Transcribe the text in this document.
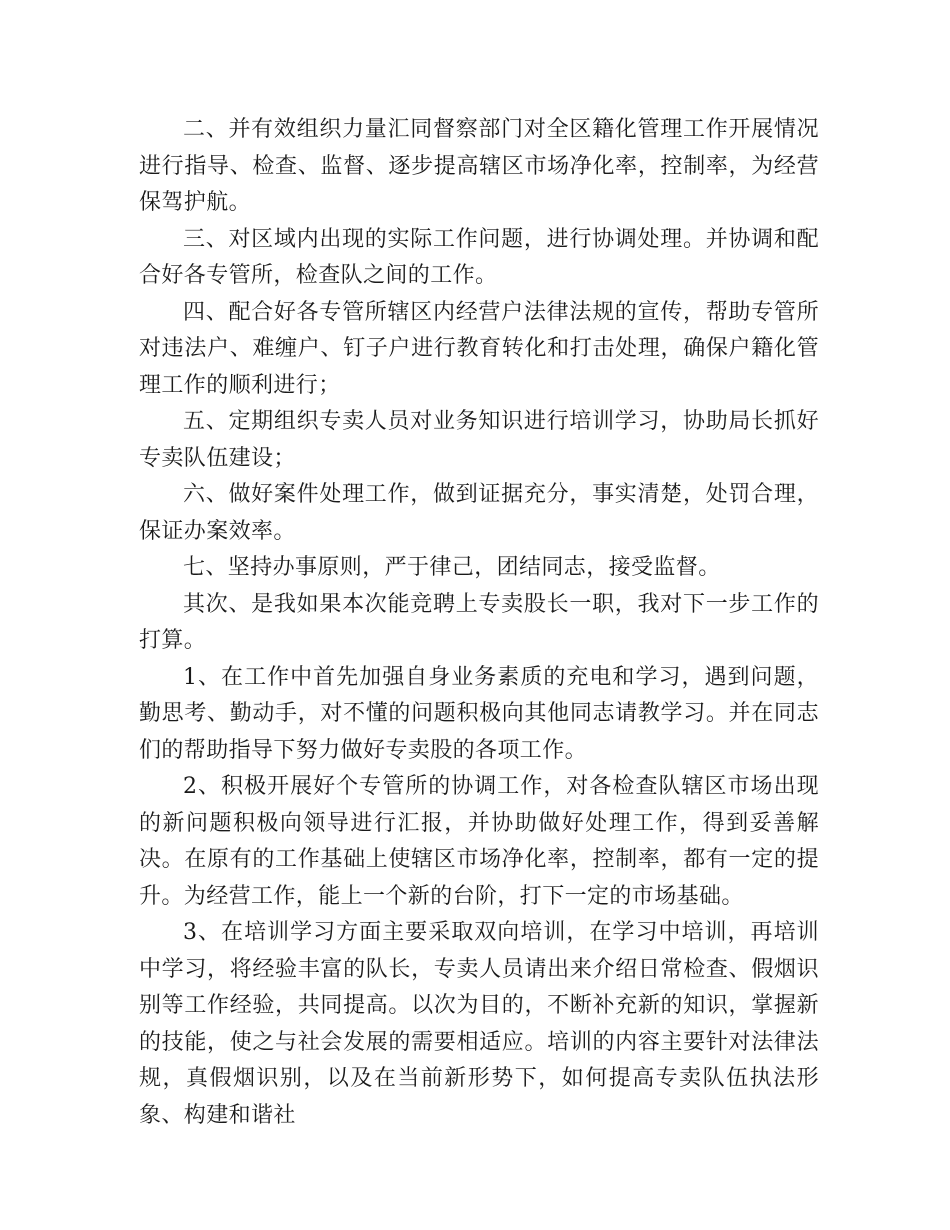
二、并有效组织力量汇同督察部门对全区籍化管理工作开展情况进行指导、检查、监督、逐步提高辖区市场净化率，控制率，为经营保驾护航。

三、对区域内出现的实际工作问题，进行协调处理。并协调和配合好各专管所，检查队之间的工作。

四、配合好各专管所辖区内经营户法律法规的宣传，帮助专管所对违法户、难缠户、钉子户进行教育转化和打击处理，确保户籍化管理工作的顺利进行；

五、定期组织专卖人员对业务知识进行培训学习，协助局长抓好专卖队伍建设；

六、做好案件处理工作，做到证据充分，事实清楚，处罚合理，保证办案效率。

七、坚持办事原则，严于律己，团结同志，接受监督。

其次、是我如果本次能竞聘上专卖股长一职，我对下一步工作的打算。

1、在工作中首先加强自身业务素质的充电和学习，遇到问题，勤思考、勤动手，对不懂的问题积极向其他同志请教学习。并在同志们的帮助指导下努力做好专卖股的各项工作。

2、积极开展好个专管所的协调工作，对各检查队辖区市场出现的新问题积极向领导进行汇报，并协助做好处理工作，得到妥善解决。在原有的工作基础上使辖区市场净化率，控制率，都有一定的提升。为经营工作，能上一个新的台阶，打下一定的市场基础。

3、在培训学习方面主要采取双向培训，在学习中培训，再培训中学习，将经验丰富的队长，专卖人员请出来介绍日常检查、假烟识别等工作经验，共同提高。以次为目的，不断补充新的知识，掌握新的技能，使之与社会发展的需要相适应。培训的内容主要针对法律法规，真假烟识别，以及在当前新形势下，如何提高专卖队伍执法形象、构建和谐社
